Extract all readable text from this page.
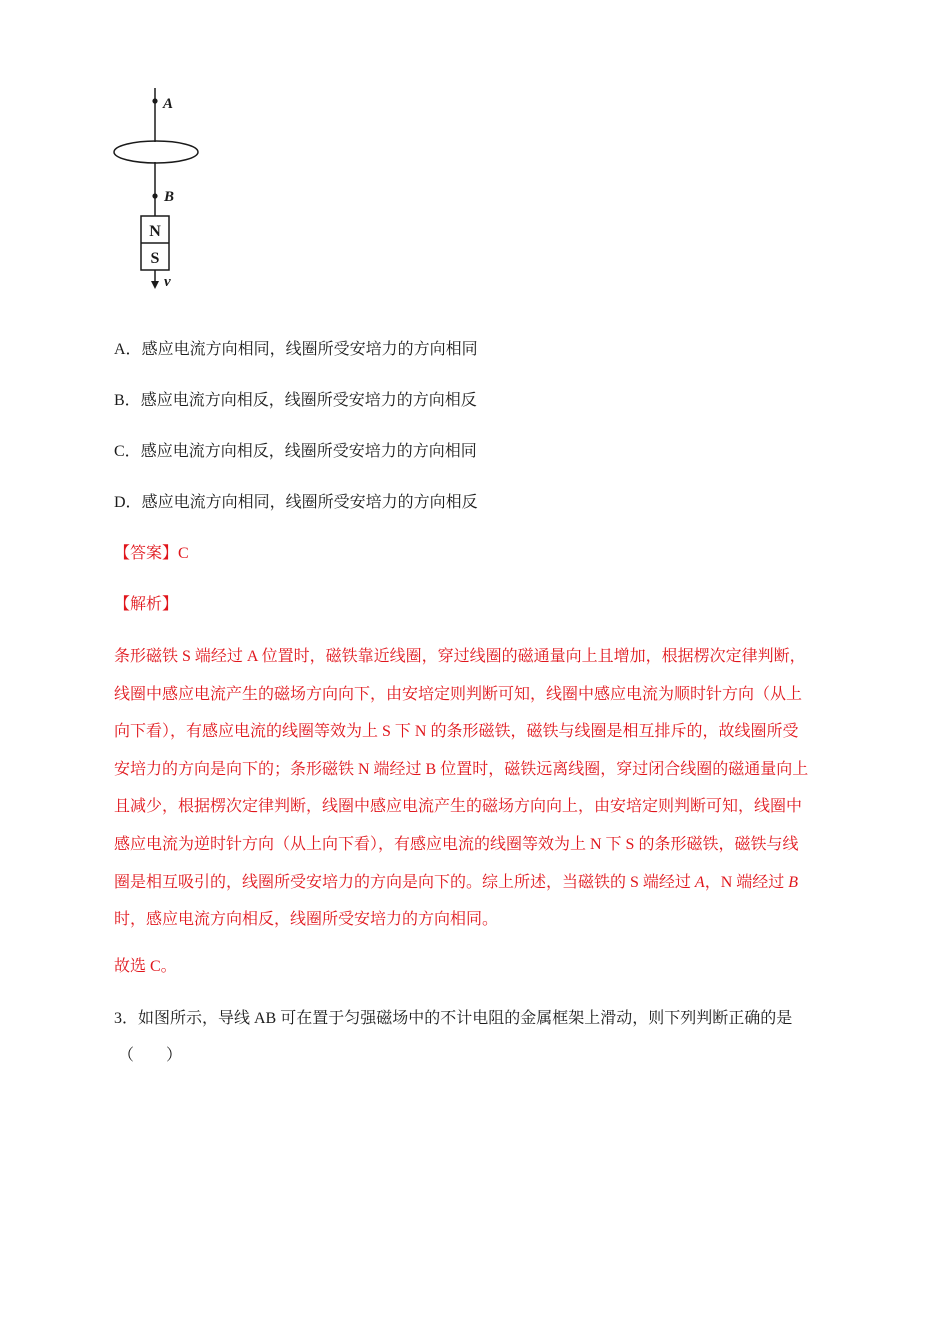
A
B
N
S
v
A．感应电流方向相同，线圈所受安培力的方向相同
B．感应电流方向相反，线圈所受安培力的方向相反
C．感应电流方向相反，线圈所受安培力的方向相同
D．感应电流方向相同，线圈所受安培力的方向相反
【答案】C
【解析】

条形磁铁 S 端经过 A 位置时，磁铁靠近线圈，穿过线圈的磁通量向上且增加，根据楞次定律判断，

线圈中感应电流产生的磁场方向向下，由安培定则判断可知，线圈中感应电流为顺时针方向（从上

向下看），有感应电流的线圈等效为上 S 下 N 的条形磁铁，磁铁与线圈是相互排斥的，故线圈所受

安培力的方向是向下的；条形磁铁 N 端经过 B 位置时，磁铁远离线圈，穿过闭合线圈的磁通量向上

且减少，根据楞次定律判断，线圈中感应电流产生的磁场方向向上，由安培定则判断可知，线圈中

感应电流为逆时针方向（从上向下看），有感应电流的线圈等效为上 N 下 S 的条形磁铁，磁铁与线

圈是相互吸引的，线圈所受安培力的方向是向下的。综上所述，当磁铁的 S 端经过 A，N 端经过 B

时，感应电流方向相反，线圈所受安培力的方向相同。

故选 C。
3．如图所示，导线 AB 可在置于匀强磁场中的不计电阻的金属框架上滑动，则下列判断正确的是
（　　）
